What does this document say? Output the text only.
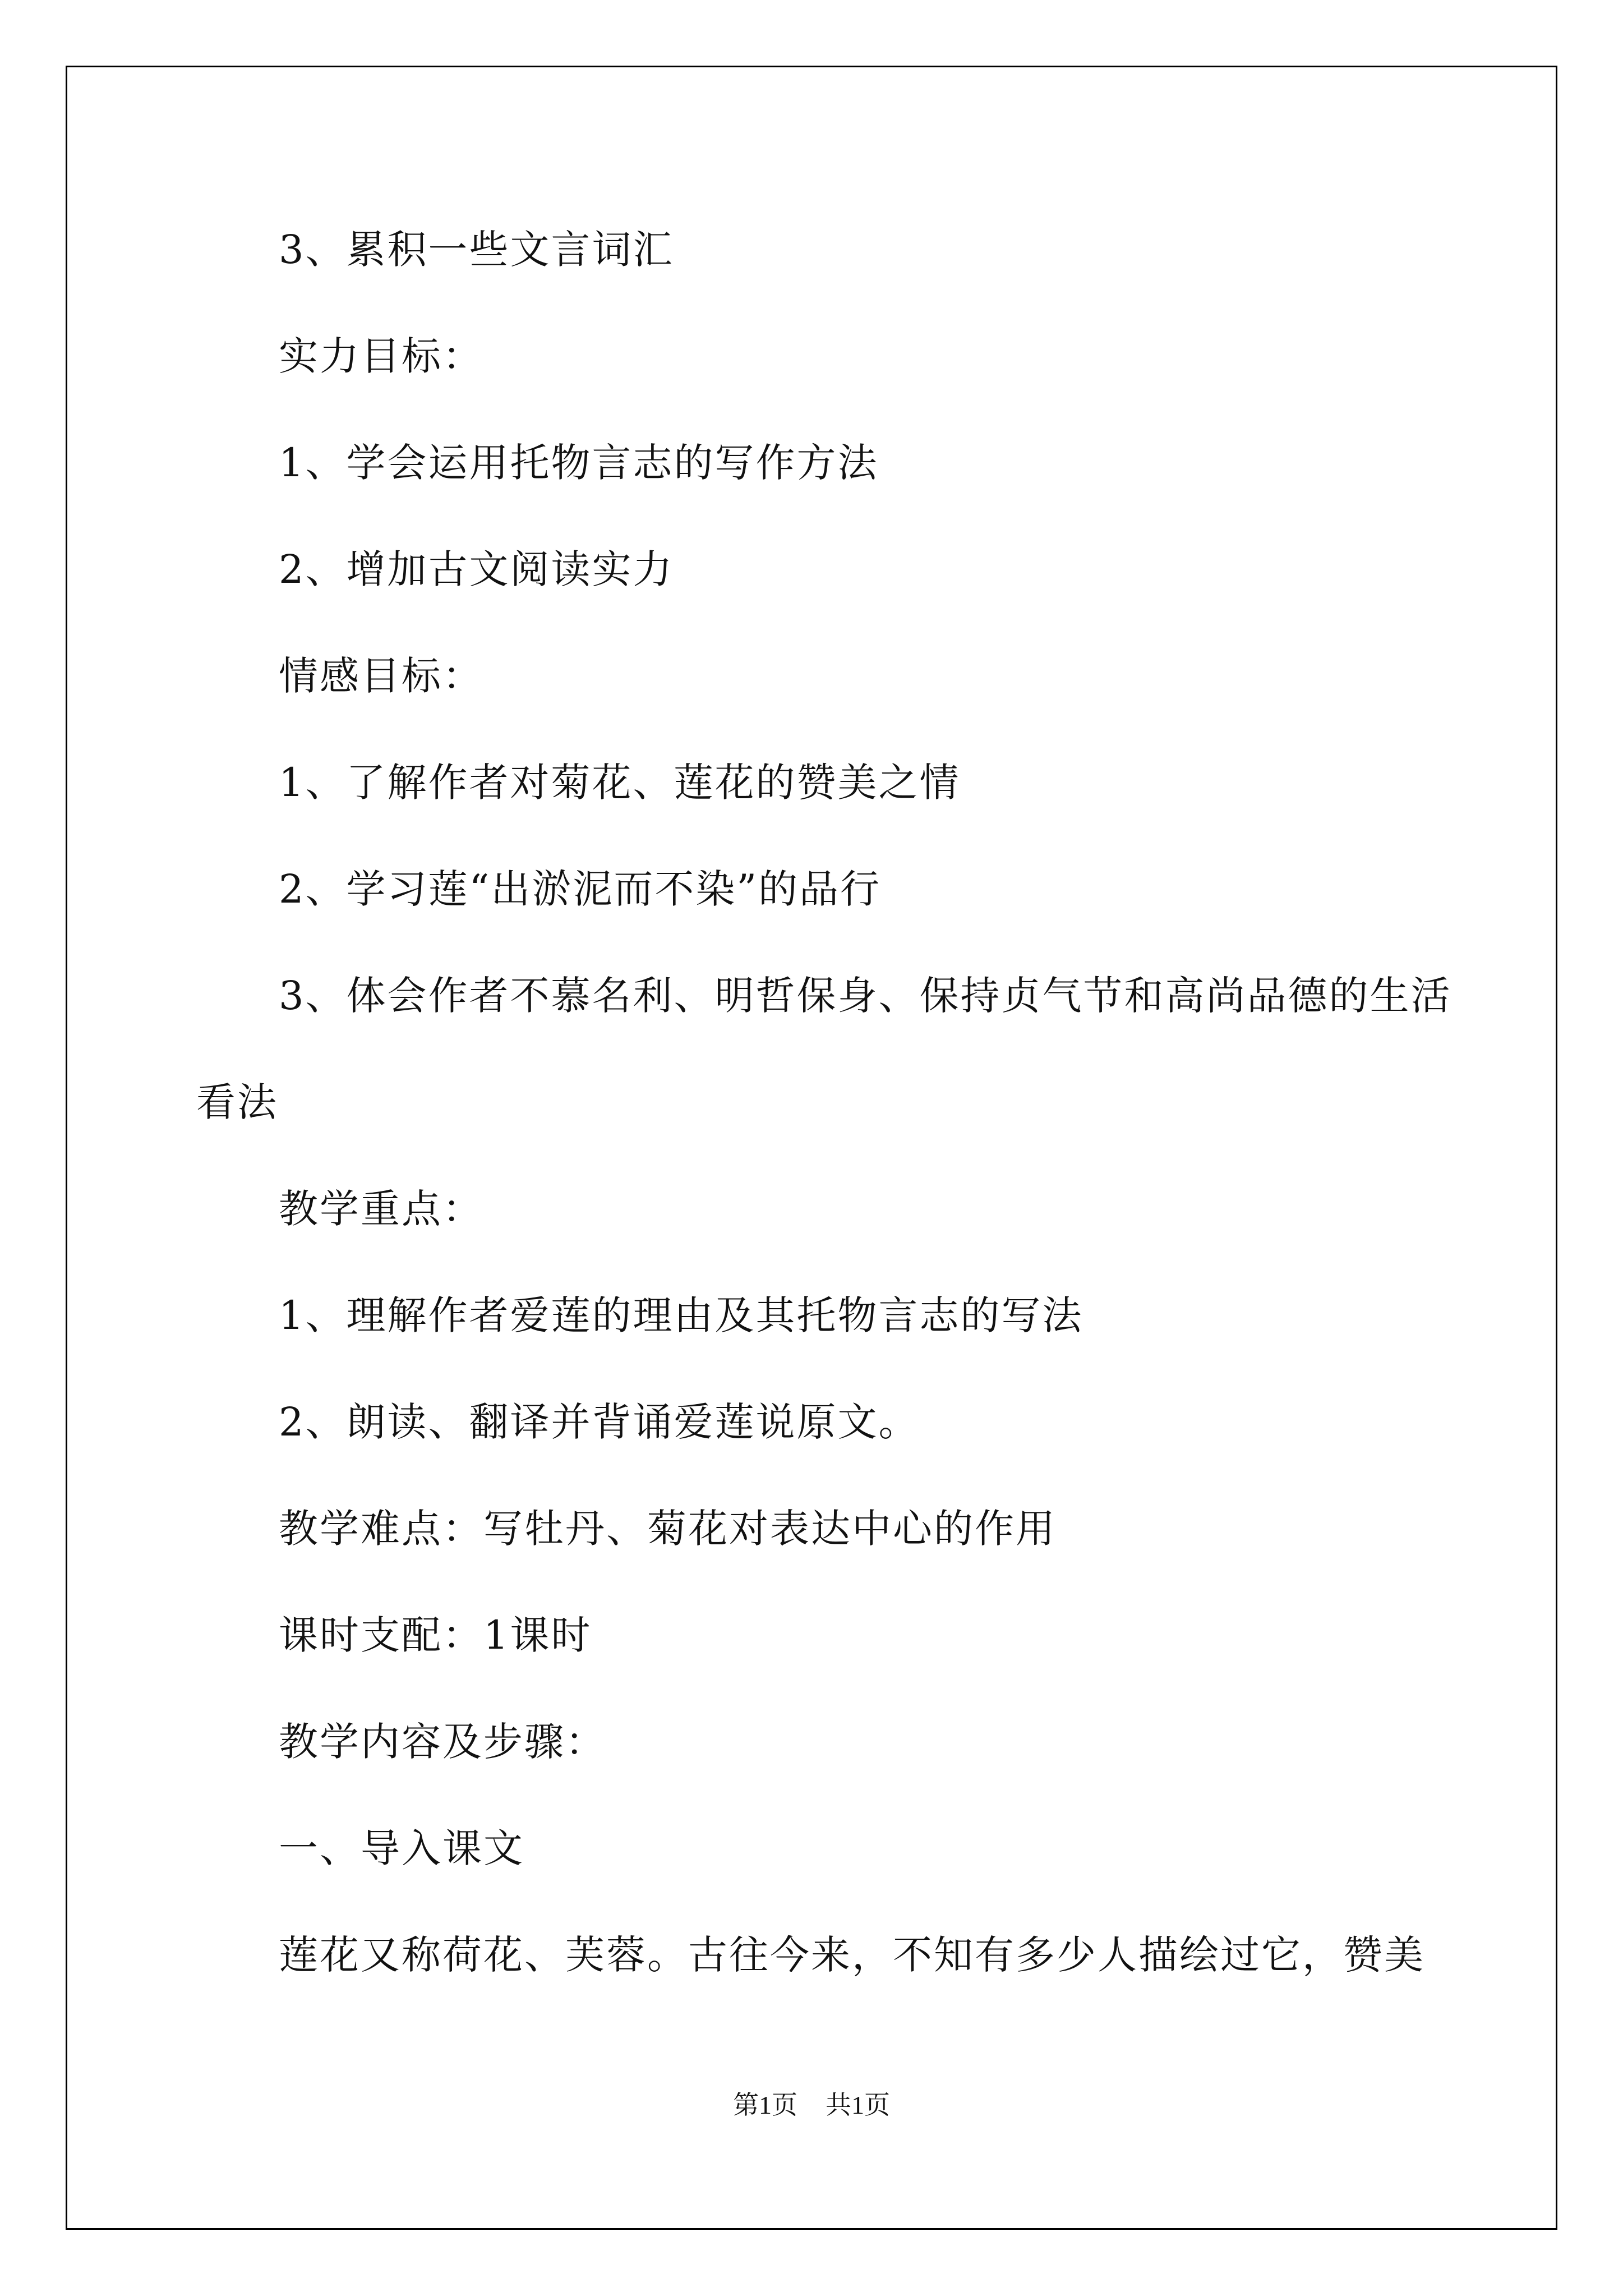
3、累积一些文言词汇

实力目标：

1、学会运用托物言志的写作方法

2、增加古文阅读实力

情感目标：

1、了解作者对菊花、莲花的赞美之情

2、学习莲“出淤泥而不染”的品行

3、体会作者不慕名利、明哲保身、保持贞气节和高尚品德的生活

看法

教学重点：

1、理解作者爱莲的理由及其托物言志的写法

2、朗读、翻译并背诵爱莲说原文。

教学难点：写牡丹、菊花对表达中心的作用

课时支配：1课时

教学内容及步骤：

一、导入课文

莲花又称荷花、芙蓉。古往今来，不知有多少人描绘过它，赞美

第1页 共1页
